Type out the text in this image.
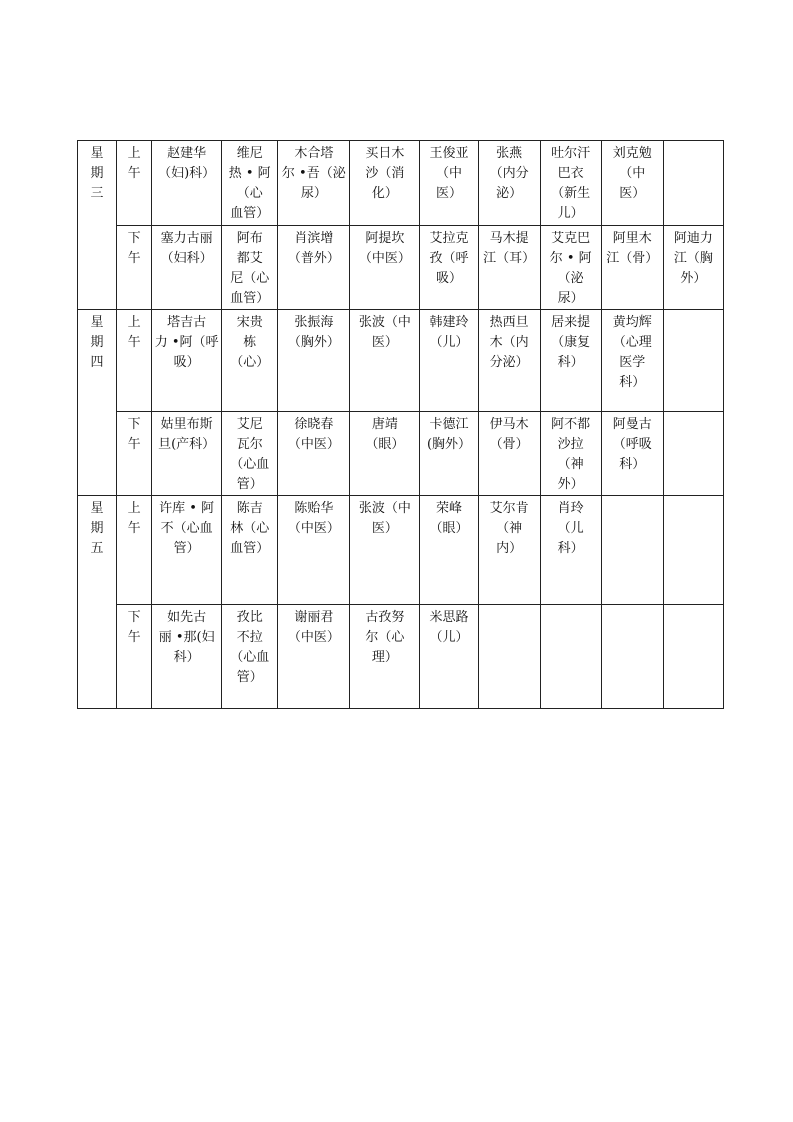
星
期
三	上
午	赵建华
（妇)科）	维尼
热 • 阿
（心
血管）	木合塔
尔 •吾（泌
尿）	买日木
沙（消
化）	王俊亚
（中
医）	张燕
（内分
泌）	吐尔汗
巴衣
（新生
儿）	刘克勉
（中
医）	
	下
午	塞力古丽
（妇科）	阿布
都艾
尼（心
血管）	肖滨增
（普外）	阿提坎
（中医）	艾拉克
孜（呼
吸）	马木提
江（耳）	艾克巴
尔 • 阿
（泌
尿）	阿里木
江（骨）	阿迪力
江（胸
外）
星
期
四	上
午	塔吉古
力 •阿（呼
吸）	宋贵
栋
（心）	张振海
（胸外）	张波（中
医）	韩建玲
（儿）	热西旦
木（内
分泌）	居来提
（康复
科）	黄均辉
（心理
医学
科）	
	下
午	姑里布斯
旦(产科）	艾尼
瓦尔
（心血
管）	徐晓春
（中医）	唐靖
（眼）	卡德江
(胸外）	伊马木
（骨）	阿不都
沙拉
（神
外）	阿曼古
（呼吸
科）	
星
期
五	上
午	许库 • 阿
不（心血
管）	陈吉
林（心
血管）	陈贻华
（中医）	张波（中
医）	荣峰
（眼）	艾尔肯
（神
内）	肖玲
（儿
科）		
	下
午	如先古
丽 •那(妇
科）	孜比
不拉
（心血
管）	谢丽君
（中医）	古孜努
尔（心
理）	米思路
（儿）				
